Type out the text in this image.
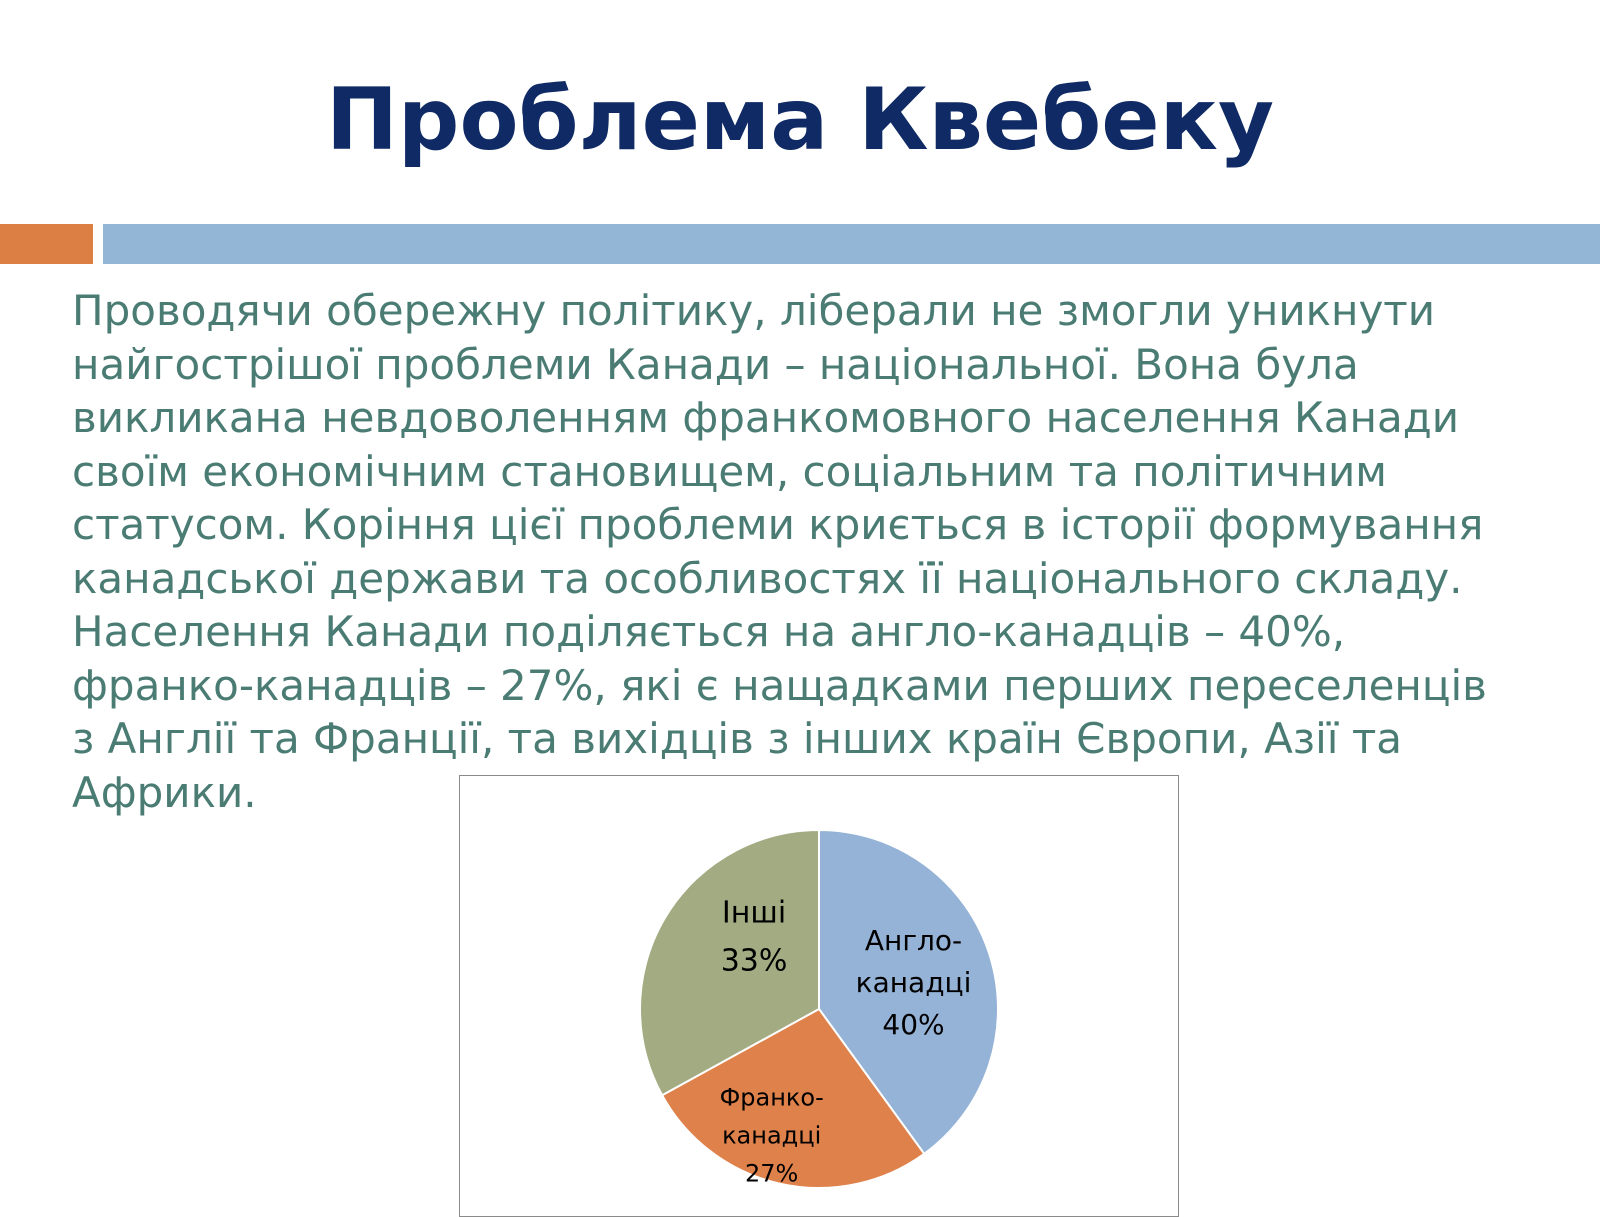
Проблема Квебеку
Проводячи обережну політику, ліберали не змогли уникнути
найгострішої проблеми Канади – національної. Вона була
викликана невдоволенням франкомовного населення Канади
своїм економічним становищем, соціальним та політичним
статусом. Коріння цієї проблеми криється в історії формування
канадської держави та особливостях її національного складу.
Населення Канади поділяється на англо-канадців – 40%,
франко-канадців – 27%, які є нащадками перших переселенців
з Англії та Франції, та вихідців з інших країн Європи, Азії та
Африки.
Англо-канадці 40%
Франко-канадці 27%
Інші 33%
